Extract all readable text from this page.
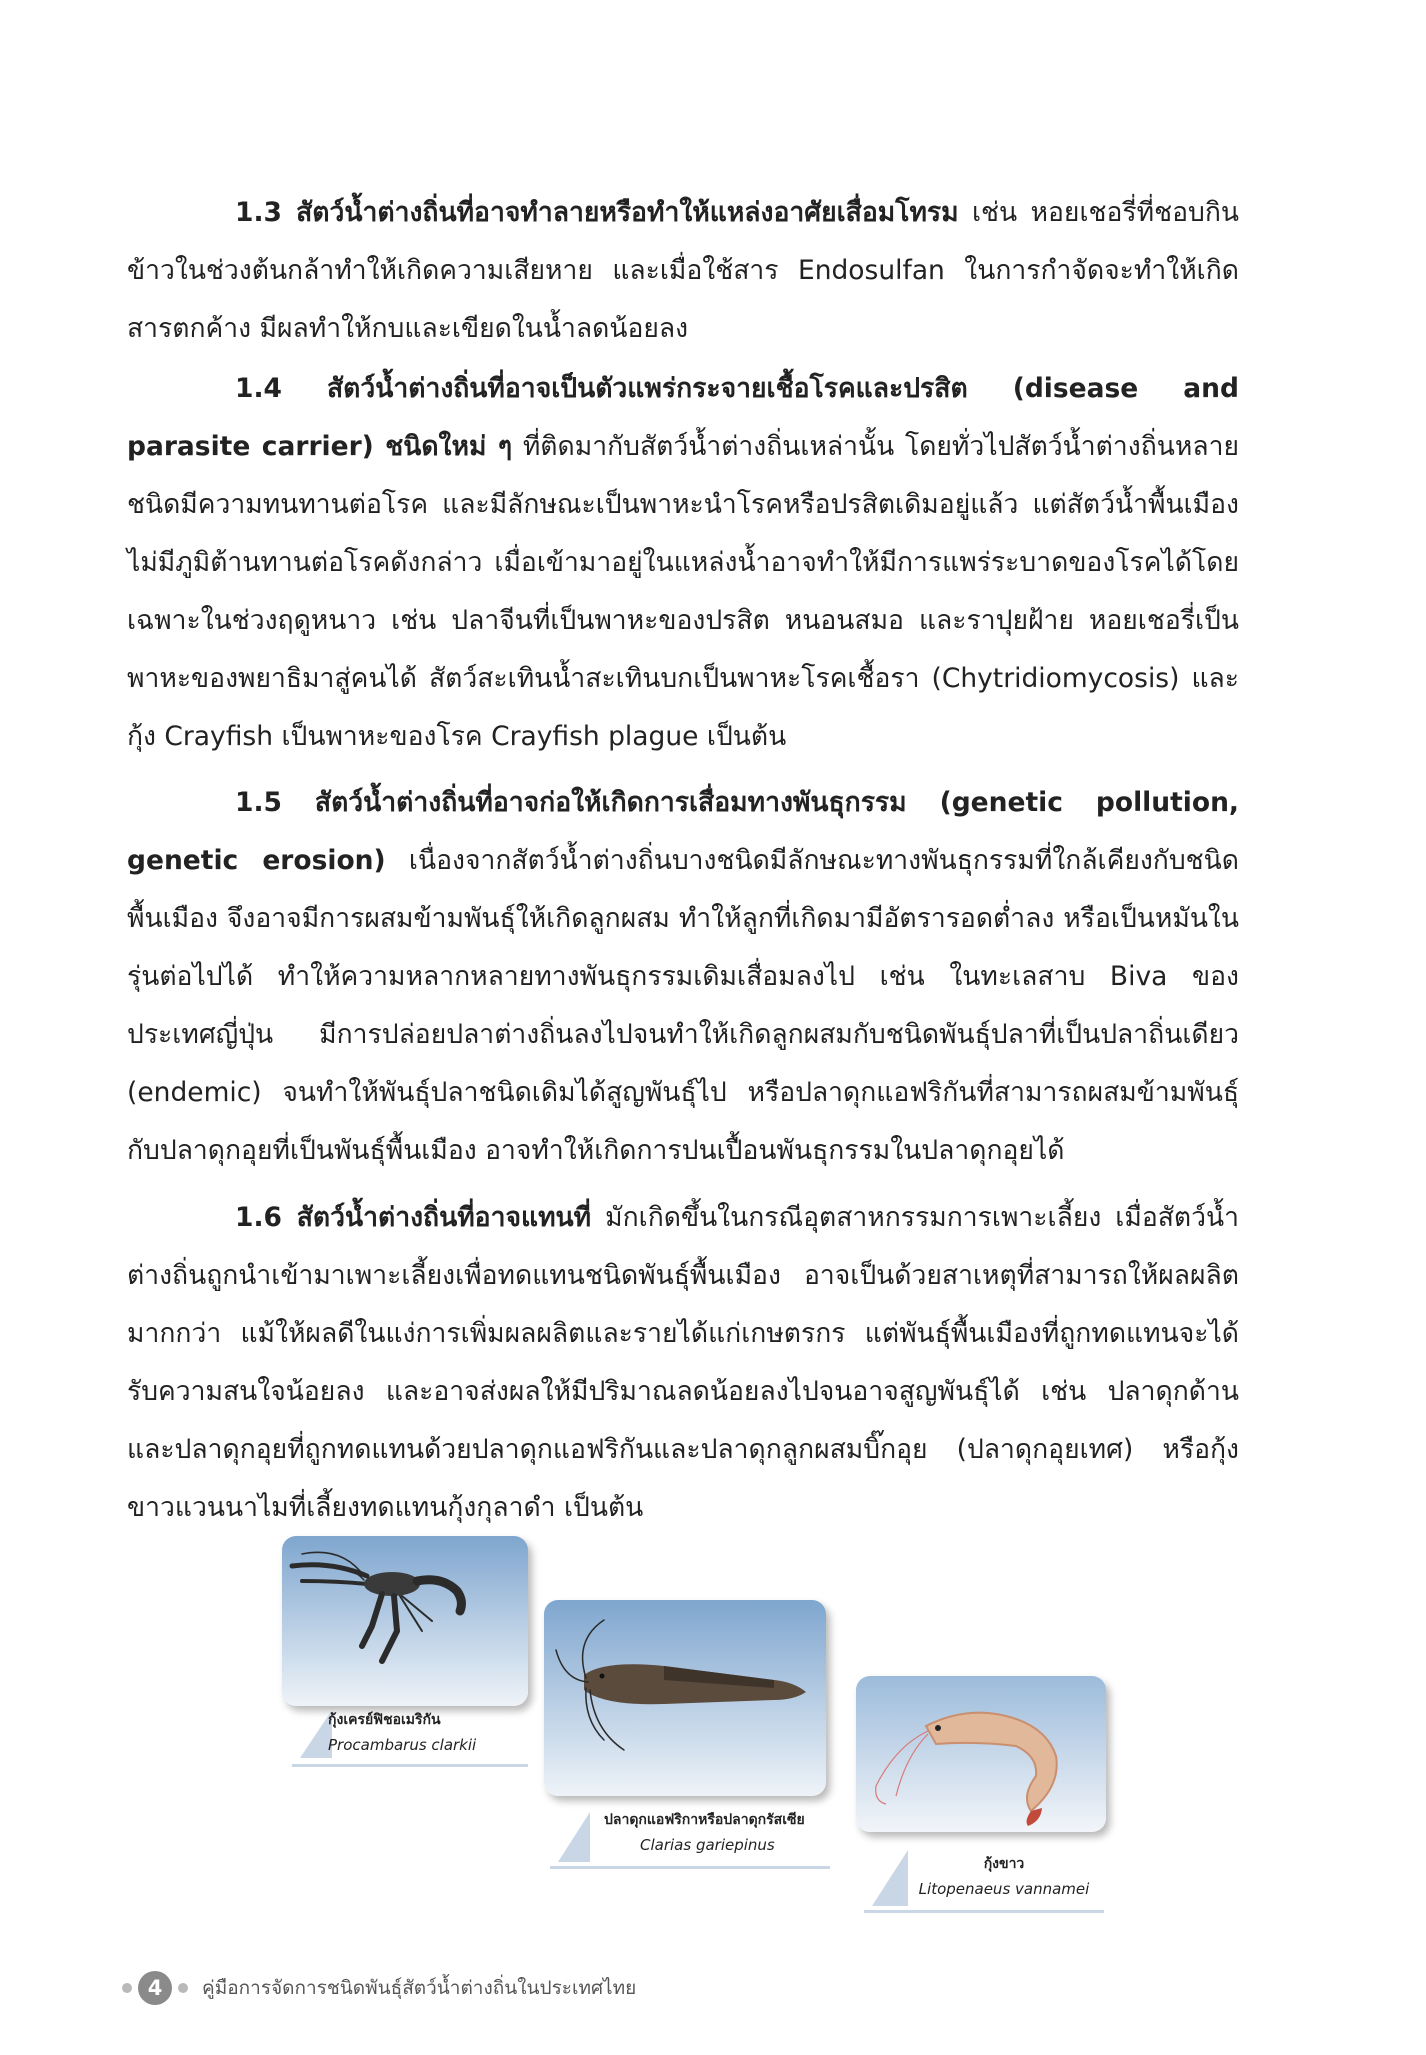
1.3 สัตว์น้ำต่างถิ่นที่อาจทำลายหรือทำให้แหล่งอาศัยเสื่อมโทรม เช่น หอยเชอรี่ที่ชอบกินข้าวในช่วงต้นกล้าทำให้เกิดความเสียหาย และเมื่อใช้สาร Endosulfan ในการกำจัดจะทำให้เกิดสารตกค้าง มีผลทำให้กบและเขียดในน้ำลดน้อยลง

1.4 สัตว์น้ำต่างถิ่นที่อาจเป็นตัวแพร่กระจายเชื้อโรคและปรสิต (disease and parasite carrier) ชนิดใหม่ ๆ ที่ติดมากับสัตว์น้ำต่างถิ่นเหล่านั้น โดยทั่วไปสัตว์น้ำต่างถิ่นหลายชนิดมีความทนทานต่อโรค และมีลักษณะเป็นพาหะนำโรคหรือปรสิตเดิมอยู่แล้ว แต่สัตว์น้ำพื้นเมืองไม่มีภูมิต้านทานต่อโรคดังกล่าว เมื่อเข้ามาอยู่ในแหล่งน้ำอาจทำให้มีการแพร่ระบาดของโรคได้โดยเฉพาะในช่วงฤดูหนาว เช่น ปลาจีนที่เป็นพาหะของปรสิต หนอนสมอ และราปุยฝ้าย หอยเชอรี่เป็นพาหะของพยาธิมาสู่คนได้ สัตว์สะเทินน้ำสะเทินบกเป็นพาหะโรคเชื้อรา (Chytridiomycosis) และกุ้ง Crayfish เป็นพาหะของโรค Crayfish plague เป็นต้น

1.5 สัตว์น้ำต่างถิ่นที่อาจก่อให้เกิดการเสื่อมทางพันธุกรรม (genetic pollution, genetic erosion) เนื่องจากสัตว์น้ำต่างถิ่นบางชนิดมีลักษณะทางพันธุกรรมที่ใกล้เคียงกับชนิดพื้นเมือง จึงอาจมีการผสมข้ามพันธุ์ให้เกิดลูกผสม ทำให้ลูกที่เกิดมามีอัตรารอดต่ำลง หรือเป็นหมันในรุ่นต่อไปได้ ทำให้ความหลากหลายทางพันธุกรรมเดิมเสื่อมลงไป เช่น ในทะเลสาบ Biva ของประเทศญี่ปุ่น มีการปล่อยปลาต่างถิ่นลงไปจนทำให้เกิดลูกผสมกับชนิดพันธุ์ปลาที่เป็นปลาถิ่นเดียว (endemic) จนทำให้พันธุ์ปลาชนิดเดิมได้สูญพันธุ์ไป หรือปลาดุกแอฟริกันที่สามารถผสมข้ามพันธุ์กับปลาดุกอุยที่เป็นพันธุ์พื้นเมือง อาจทำให้เกิดการปนเปื้อนพันธุกรรมในปลาดุกอุยได้

1.6 สัตว์น้ำต่างถิ่นที่อาจแทนที่ มักเกิดขึ้นในกรณีอุตสาหกรรมการเพาะเลี้ยง เมื่อสัตว์น้ำต่างถิ่นถูกนำเข้ามาเพาะเลี้ยงเพื่อทดแทนชนิดพันธุ์พื้นเมือง อาจเป็นด้วยสาเหตุที่สามารถให้ผลผลิตมากกว่า แม้ให้ผลดีในแง่การเพิ่มผลผลิตและรายได้แก่เกษตรกร แต่พันธุ์พื้นเมืองที่ถูกทดแทนจะได้รับความสนใจน้อยลง และอาจส่งผลให้มีปริมาณลดน้อยลงไปจนอาจสูญพันธุ์ได้ เช่น ปลาดุกด้านและปลาดุกอุยที่ถูกทดแทนด้วยปลาดุกแอฟริกันและปลาดุกลูกผสมบิ๊กอุย (ปลาดุกอุยเทศ) หรือกุ้งขาวแวนนาไมที่เลี้ยงทดแทนกุ้งกุลาดำ เป็นต้น

กุ้งเครย์ฟิชอเมริกัน
Procambarus clarkii
ปลาดุกแอฟริกาหรือปลาดุกรัสเซีย
Clarias gariepinus
กุ้งขาว
Litopenaeus vannamei
4	คู่มือการจัดการชนิดพันธุ์สัตว์น้ำต่างถิ่นในประเทศไทย
